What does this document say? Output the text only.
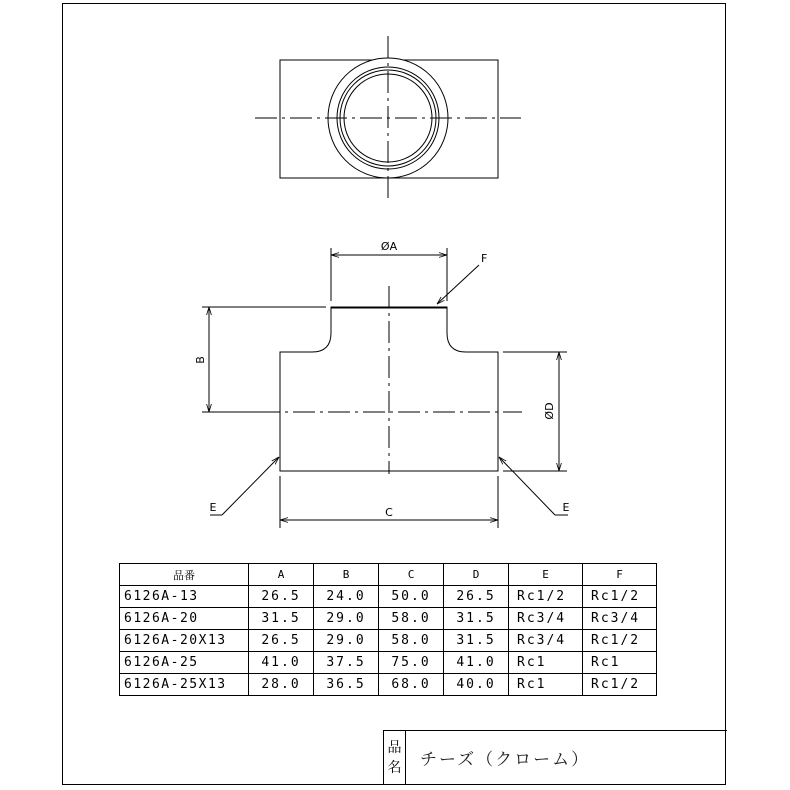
ØA
F
B
C
ØD
E	E
品番	A	B	C	D	E	F
6126A-13	26.5	24.0	50.0	26.5	Rc1/2	Rc1/2
6126A-20	31.5	29.0	58.0	31.5	Rc3/4	Rc3/4
6126A-20X13	26.5	29.0	58.0	31.5	Rc3/4	Rc1/2
6126A-25	41.0	37.5	75.0	41.0	Rc1	Rc1
6126A-25X13	28.0	36.5	68.0	40.0	Rc1	Rc1/2
品
名 チーズ（クローム）
